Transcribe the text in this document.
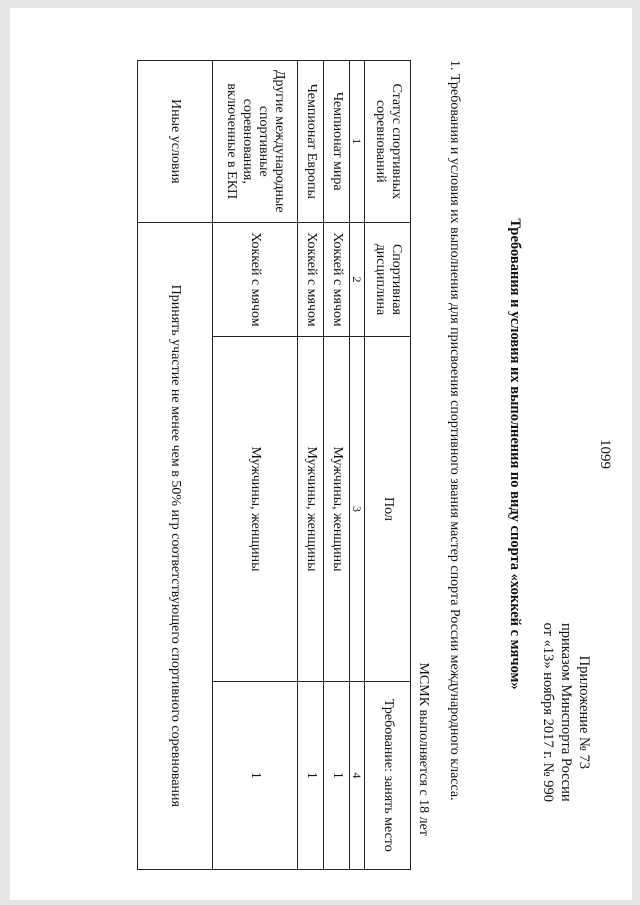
1099
Приложение № 73
приказом Минспорта России
от «13» ноября 2017 г. № 990
Требования и условия их выполнения по виду спорта «хоккей с мячом»
1. Требования и условия их выполнения для присвоения спортивного звания мастер спорта России международного класса.
МСМК выполняется с 18 лет
Статус спортивных соревнований	Спортивная дисциплина	Пол	Требование: занять место
1	2	3	4
Чемпионат мира	Хоккей с мячом	Мужчины, женщины	1
Чемпионат Европы	Хоккей с мячом	Мужчины, женщины	1
Другие международные спортивные соревнования, включенные в ЕКП	Хоккей с мячом	Мужчины, женщины	1
Иные условия	Принять участие не менее чем в 50% игр соответствующего спортивного соревнования		
